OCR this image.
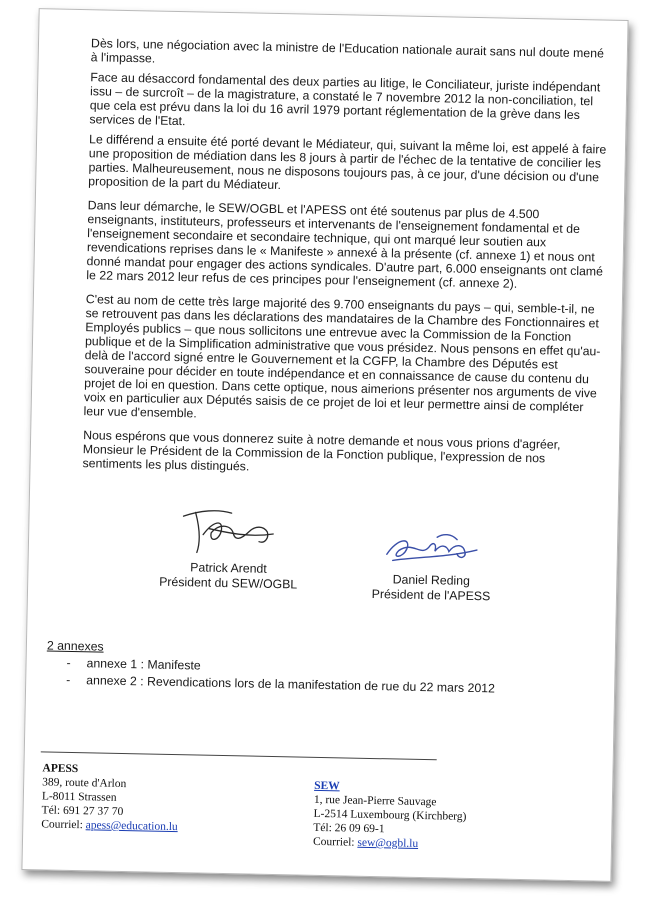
Dès lors, une négociation avec la ministre de l'Education nationale aurait sans nul doute mené à l'impasse.

Face au désaccord fondamental des deux parties au litige, le Conciliateur, juriste indépendant issu – de surcroît – de la magistrature, a constaté le 7 novembre 2012 la non-conciliation, tel que cela est prévu dans la loi du 16 avril 1979 portant réglementation de la grève dans les services de l'Etat.

Le différend a ensuite été porté devant le Médiateur, qui, suivant la même loi, est appelé à faire une proposition de médiation dans les 8 jours à partir de l'échec de la tentative de concilier les parties. Malheureusement, nous ne disposons toujours pas, à ce jour, d'une décision ou d'une proposition de la part du Médiateur.

Dans leur démarche, le SEW/OGBL et l'APESS ont été soutenus par plus de 4.500 enseignants, instituteurs, professeurs et intervenants de l'enseignement fondamental et de l'enseignement secondaire et secondaire technique, qui ont marqué leur soutien aux revendications reprises dans le « Manifeste » annexé à la présente (cf. annexe 1) et nous ont donné mandat pour engager des actions syndicales. D'autre part, 6.000 enseignants ont clamé le 22 mars 2012 leur refus de ces principes pour l'enseignement (cf. annexe 2).

C'est au nom de cette très large majorité des 9.700 enseignants du pays – qui, semble-t-il, ne se retrouvent pas dans les déclarations des mandataires de la Chambre des Fonctionnaires et Employés publics – que nous sollicitons une entrevue avec la Commission de la Fonction publique et de la Simplification administrative que vous présidez. Nous pensons en effet qu'au-delà de l'accord signé entre le Gouvernement et la CGFP, la Chambre des Députés est souveraine pour décider en toute indépendance et en connaissance de cause du contenu du projet de loi en question. Dans cette optique, nous aimerions présenter nos arguments de vive voix en particulier aux Députés saisis de ce projet de loi et leur permettre ainsi de compléter leur vue d'ensemble.

Nous espérons que vous donnerez suite à notre demande et nous vous prions d'agréer, Monsieur le Président de la Commission de la Fonction publique, l'expression de nos sentiments les plus distingués.

Patrick Arendt
Président du SEW/OGBL	Daniel Reding
Président de l'APESS
2 annexes
- annexe 1 : Manifeste
- annexe 2 : Revendications lors de la manifestation de rue du 22 mars 2012
APESS
389, route d'Arlon
L-8011 Strassen
Tél: 691 27 37 70
Courriel: apess@education.lu
SEW
1, rue Jean-Pierre Sauvage
L-2514 Luxembourg (Kirchberg)
Tél: 26 09 69-1
Courriel: sew@ogbl.lu
